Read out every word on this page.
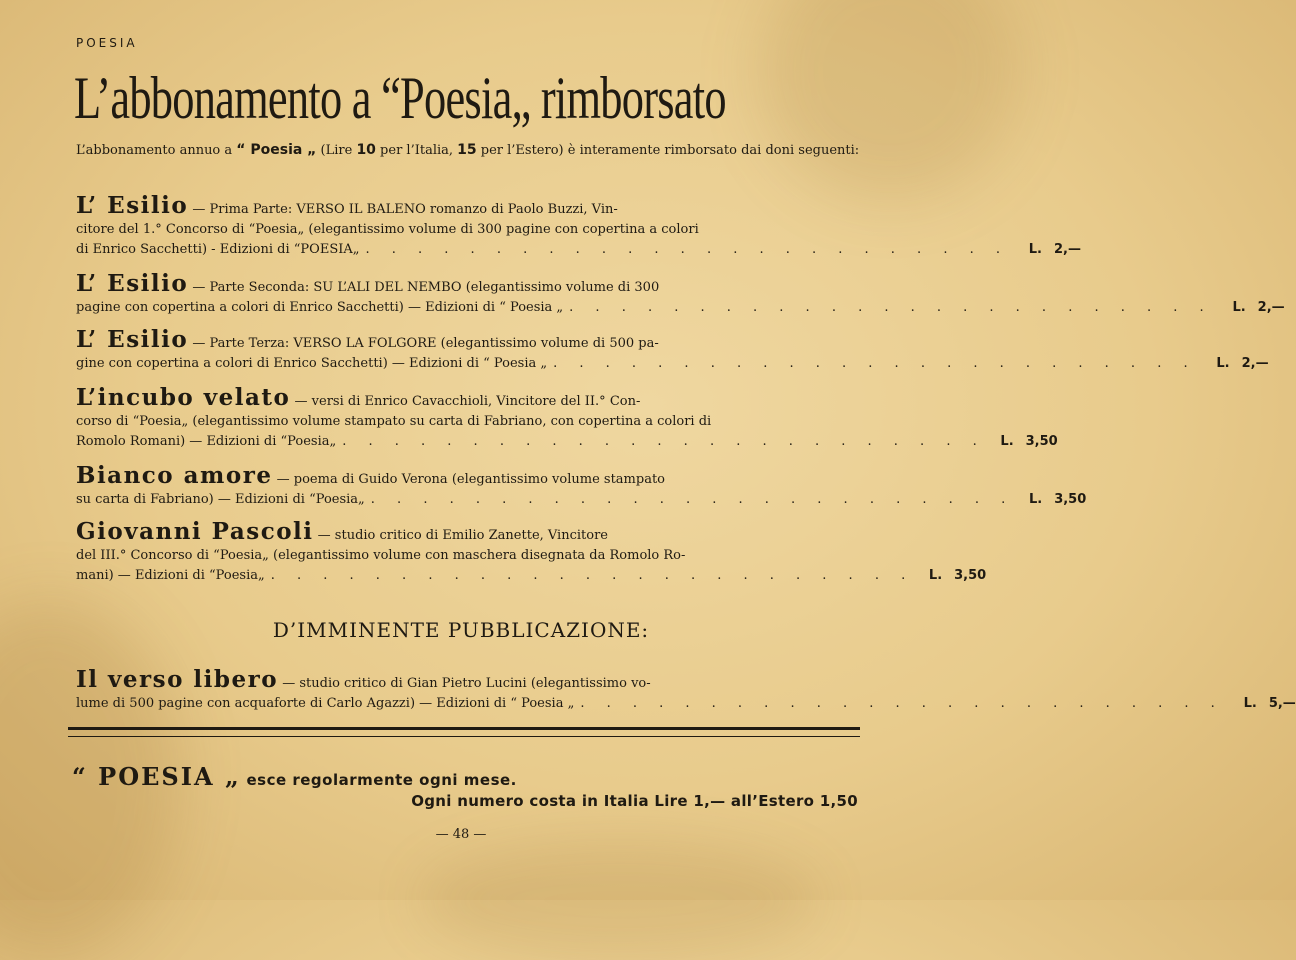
POESIA
L’abbonamento a “Poesia„ rimborsato
L’abbonamento annuo a “ Poesia „ (Lire 10 per l’Italia, 15 per l’Estero) è interamente rimborsato dai doni seguenti:
L’ Esilio — Prima Parte: VERSO IL BALENO romanzo di Paolo Buzzi, Vin-
citore del 1.° Concorso di “Poesia„ (elegantissimo volume di 300 pagine con copertina a colori
di Enrico Sacchetti) - Edizioni di “POESIA„ . . . . . . . . . . . . . . . . . . . . . . . . .	L. 2,—
L’ Esilio — Parte Seconda: SU L’ALI DEL NEMBO (elegantissimo volume di 300
pagine con copertina a colori di Enrico Sacchetti) — Edizioni di “ Poesia „ . . . . . . . . . . . . . . . . . . . . . . . . .	L. 2,—
L’ Esilio — Parte Terza: VERSO LA FOLGORE (elegantissimo volume di 500 pa-
gine con copertina a colori di Enrico Sacchetti) — Edizioni di “ Poesia „ . . . . . . . . . . . . . . . . . . . . . . . . .	L. 2,—
L’incubo velato — versi di Enrico Cavacchioli, Vincitore del II.° Con-
corso di “Poesia„ (elegantissimo volume stampato su carta di Fabriano, con copertina a colori di
Romolo Romani) — Edizioni di “Poesia„ . . . . . . . . . . . . . . . . . . . . . . . . .	L. 3,50
Bianco amore — poema di Guido Verona (elegantissimo volume stampato
su carta di Fabriano) — Edizioni di “Poesia„ . . . . . . . . . . . . . . . . . . . . . . . . .	L. 3,50
Giovanni Pascoli — studio critico di Emilio Zanette, Vincitore
del III.° Concorso di “Poesia„ (elegantissimo volume con maschera disegnata da Romolo Ro-
mani) — Edizioni di “Poesia„ . . . . . . . . . . . . . . . . . . . . . . . . .	L. 3,50
D’IMMINENTE PUBBLICAZIONE:
Il verso libero — studio critico di Gian Pietro Lucini (elegantissimo vo-
lume di 500 pagine con acquaforte di Carlo Agazzi) — Edizioni di “ Poesia „ . . . . . . . . . . . . . . . . . . . . . . . . .	L. 5,—
“ POESIA „ esce regolarmente ogni mese.
Ogni numero costa in Italia Lire 1,— all’Estero 1,50
— 48 —
